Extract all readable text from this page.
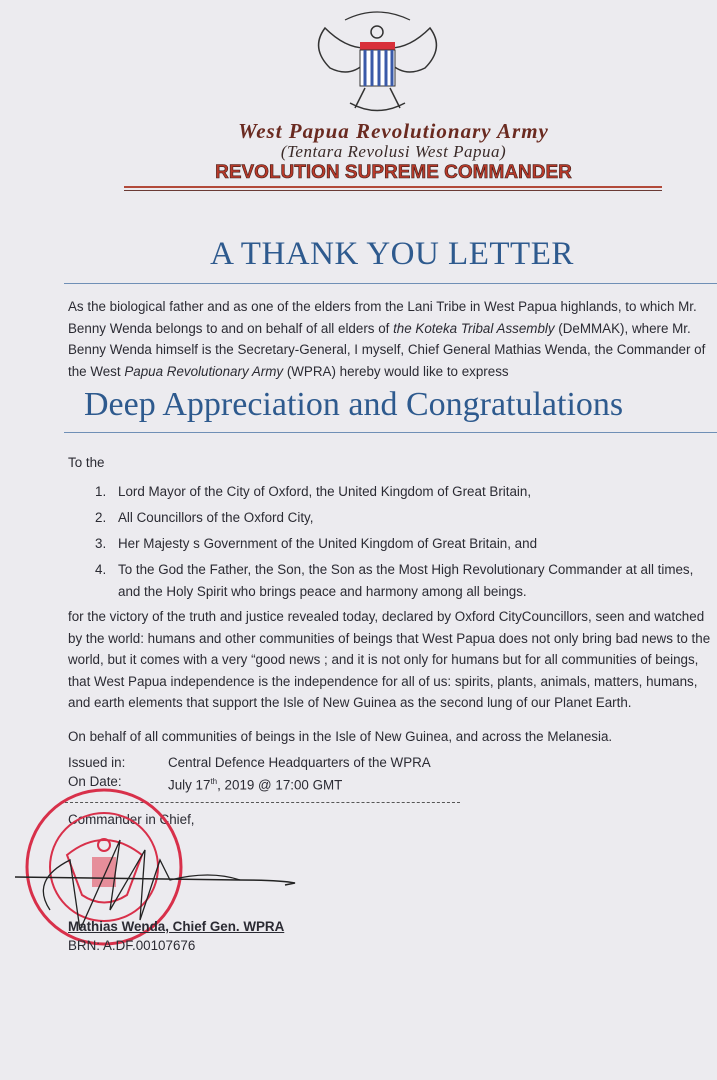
West Papua Revolutionary Army
(Tentara Revolusi West Papua)
REVOLUTION SUPREME COMMANDER
A THANK YOU LETTER
As the biological father and as one of the elders from the Lani Tribe in West Papua highlands, to which Mr. Benny Wenda belongs to and on behalf of all elders of the Koteka Tribal Assembly (DeMMAK), where Mr. Benny Wenda himself is the Secretary-General, I myself, Chief General Mathias Wenda, the Commander of the West Papua Revolutionary Army (WPRA) hereby would like to express
Deep Appreciation and Congratulations
To the
1. Lord Mayor of the City of Oxford, the United Kingdom of Great Britain,
2. All Councillors of the Oxford City,
3. Her Majesty s Government of the United Kingdom of Great Britain, and
4. To the God the Father, the Son, the Son as the Most High Revolutionary Commander at all times, and the Holy Spirit who brings peace and harmony among all beings.
for the victory of the truth and justice revealed today, declared by Oxford CityCouncillors, seen and watched by the world: humans and other communities of beings that West Papua does not only bring bad news to the world, but it comes with a very “good news ; and it is not only for humans but for all communities of beings, that West Papua independence is the independence for all of us: spirits, plants, animals, matters, humans, and earth elements that support the Isle of New Guinea as the second lung of our Planet Earth.
On behalf of all communities of beings in the Isle of New Guinea, and across the Melanesia.
Issued in:	Central Defence Headquarters of the WPRA
On Date:	July 17th, 2019 @ 17:00 GMT
Commander in Chief,
Mathias Wenda, Chief Gen. WPRA
BRN: A.DF.00107676
